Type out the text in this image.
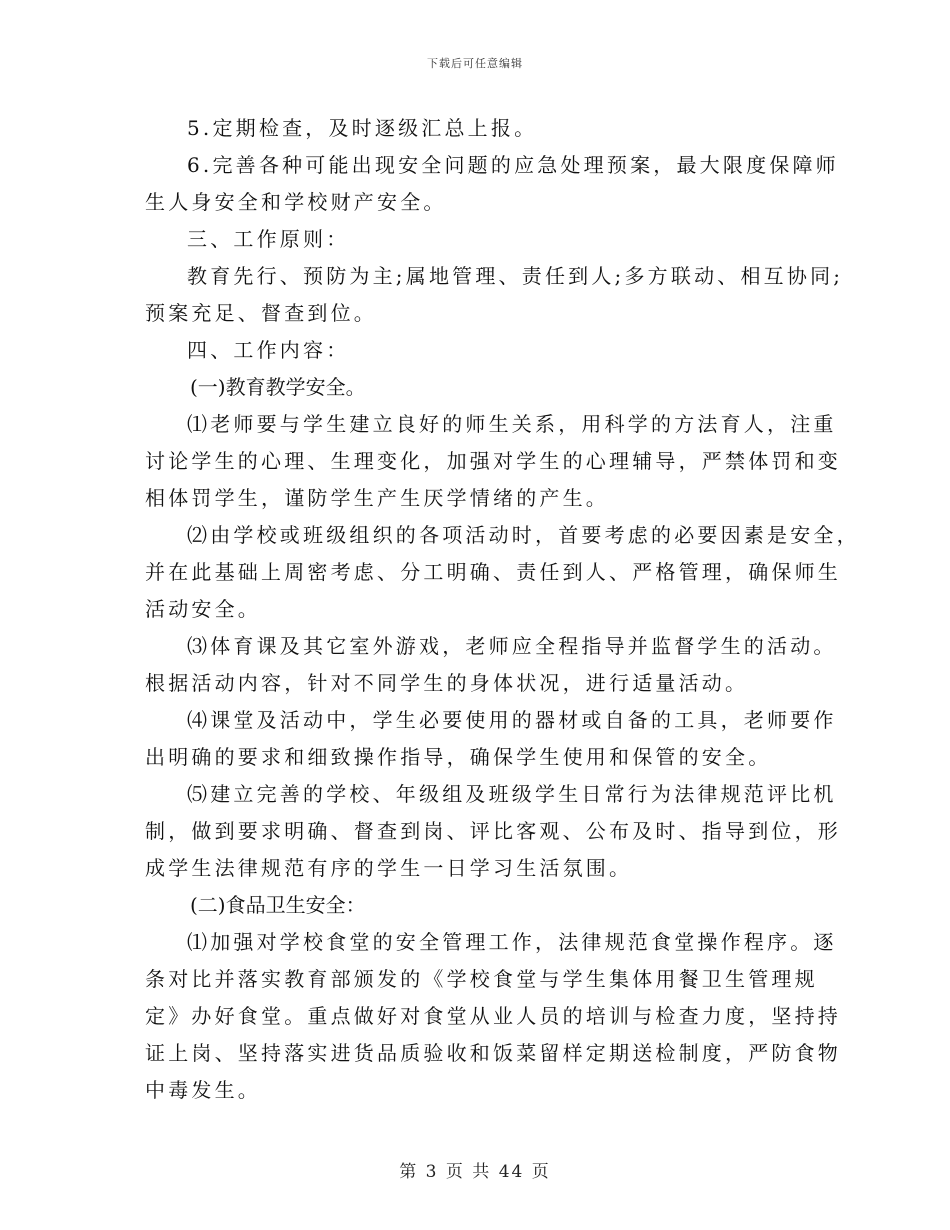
下载后可任意编辑
5.定期检查，及时逐级汇总上报。
6.完善各种可能出现安全问题的应急处理预案，最大限度保障师
生人身安全和学校财产安全。
三、工作原则：
教育先行、预防为主;属地管理、责任到人;多方联动、相互协同;
预案充足、督查到位。
四、工作内容：
(一)教育教学安全。
⑴老师要与学生建立良好的师生关系，用科学的方法育人，注重
讨论学生的心理、生理变化，加强对学生的心理辅导，严禁体罚和变
相体罚学生，谨防学生产生厌学情绪的产生。
⑵由学校或班级组织的各项活动时，首要考虑的必要因素是安全，
并在此基础上周密考虑、分工明确、责任到人、严格管理，确保师生
活动安全。
⑶体育课及其它室外游戏，老师应全程指导并监督学生的活动。
根据活动内容，针对不同学生的身体状况，进行适量活动。
⑷课堂及活动中，学生必要使用的器材或自备的工具，老师要作
出明确的要求和细致操作指导，确保学生使用和保管的安全。
⑸建立完善的学校、年级组及班级学生日常行为法律规范评比机
制，做到要求明确、督查到岗、评比客观、公布及时、指导到位，形
成学生法律规范有序的学生一日学习生活氛围。
(二)食品卫生安全：
⑴加强对学校食堂的安全管理工作，法律规范食堂操作程序。逐
条对比并落实教育部颁发的《学校食堂与学生集体用餐卫生管理规
定》办好食堂。重点做好对食堂从业人员的培训与检查力度，坚持持
证上岗、坚持落实进货品质验收和饭菜留样定期送检制度，严防食物
中毒发生。
第 3 页 共 44 页
